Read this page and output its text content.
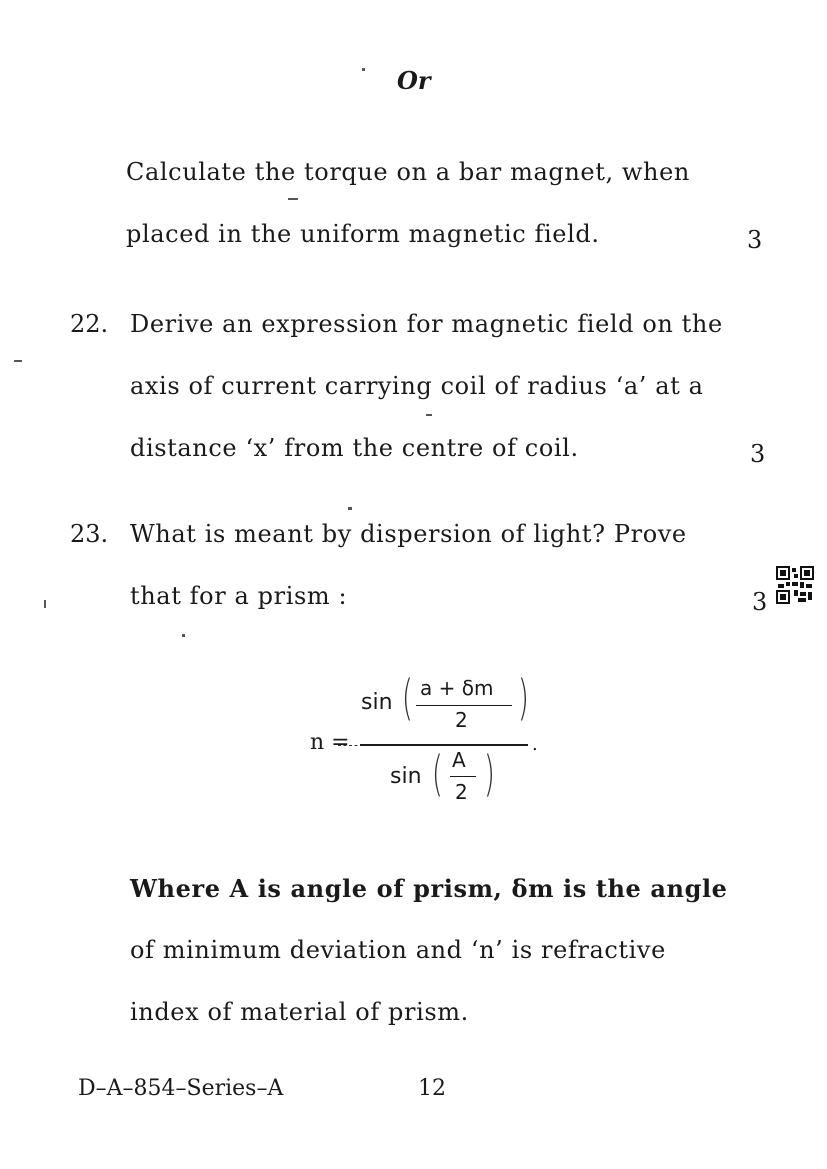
Or
Calculate the torque on a bar magnet, when
placed in the uniform magnetic field.	3
22. Derive an expression for magnetic field on the
axis of current carrying coil of radius ‘a’ at a
distance ‘x’ from the centre of coil.	3
23. What is meant by dispersion of light? Prove
that for a prism :	3
n =	.
sin ( a + δm
2 )
sin ( A
2 )
Where A is angle of prism, δm is the angle
of minimum deviation and ‘n’ is refractive
index of material of prism.
D–A–854–Series–A	12
